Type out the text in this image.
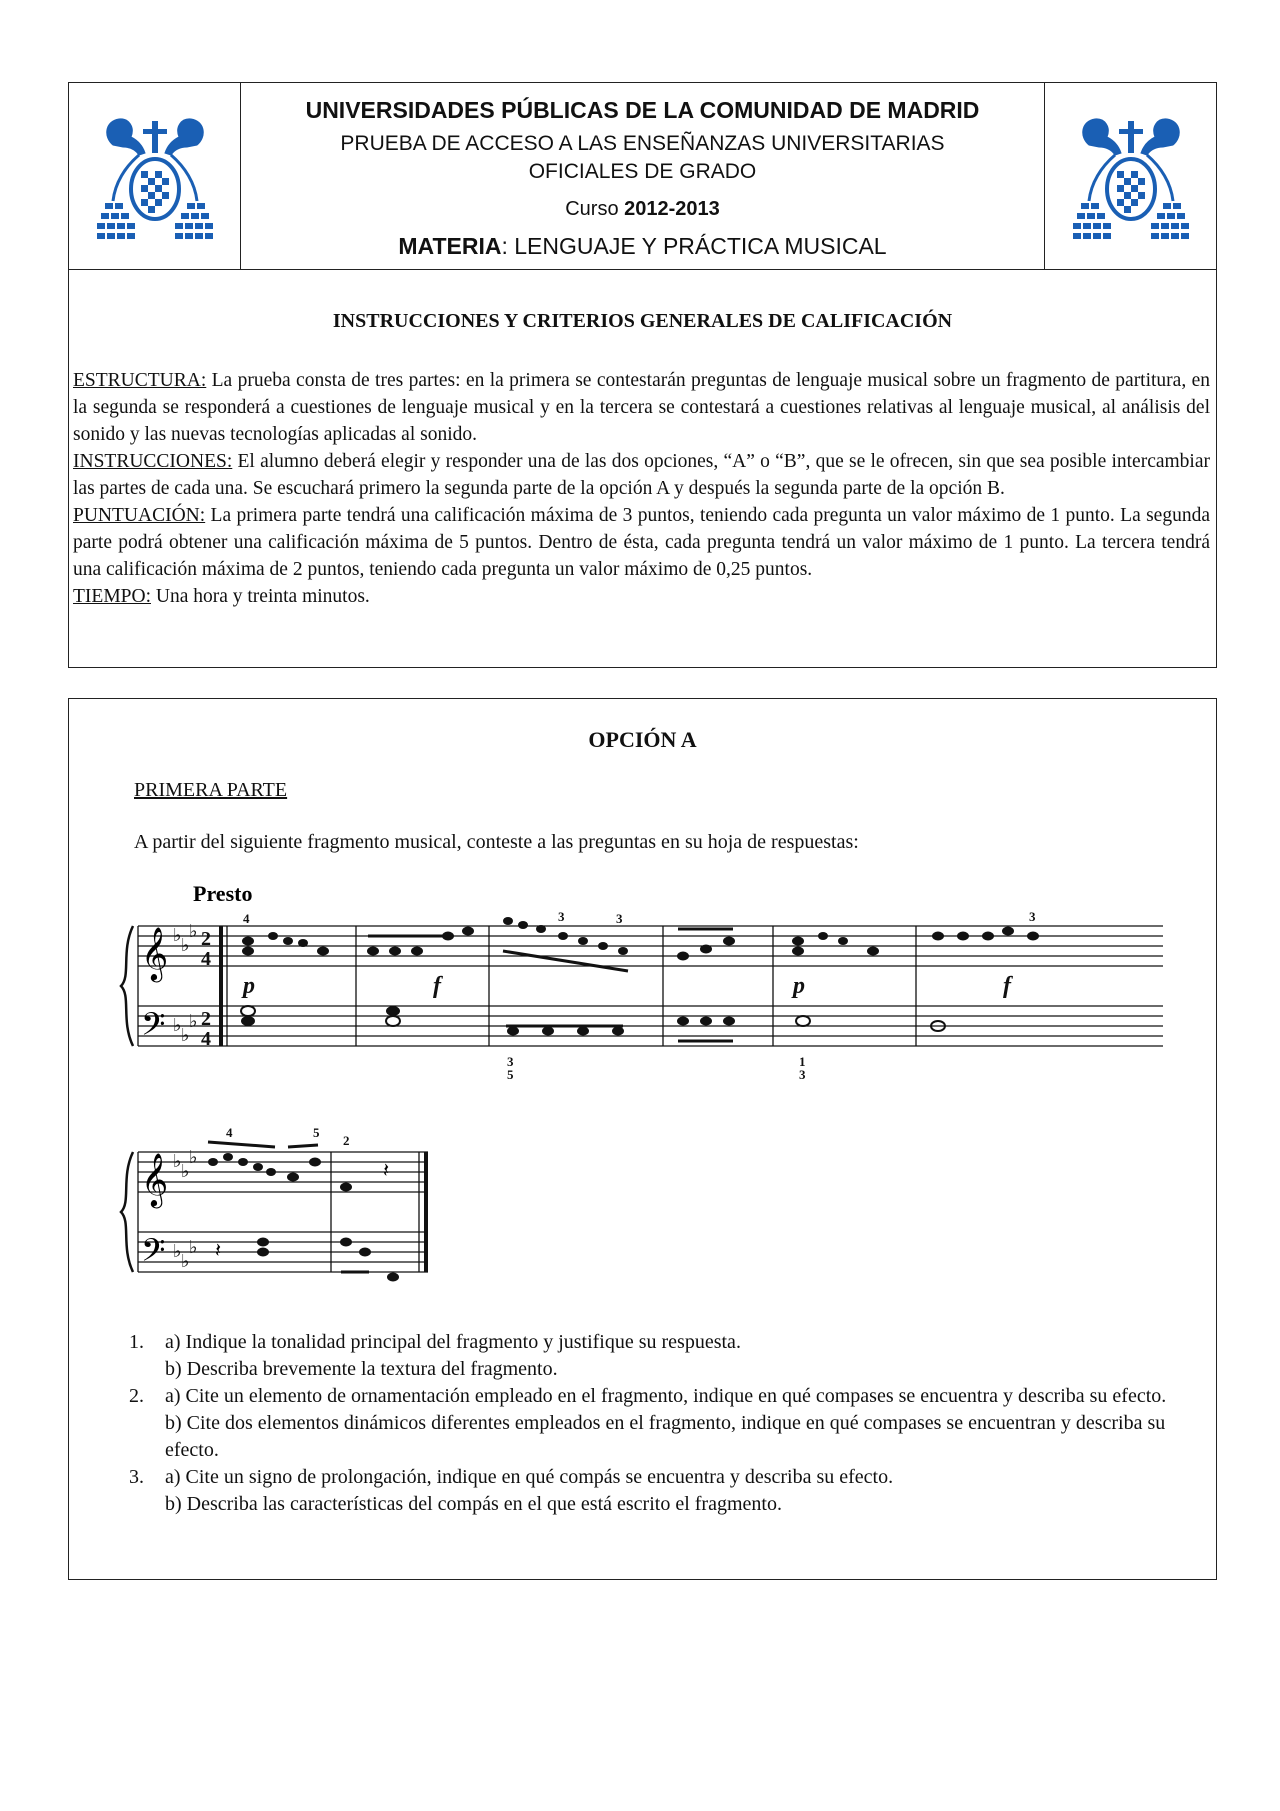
UNIVERSIDADES PÚBLICAS DE LA COMUNIDAD DE MADRID
PRUEBA DE ACCESO A LAS ENSEÑANZAS UNIVERSITARIAS
OFICIALES DE GRADO
Curso 2012-2013
MATERIA: LENGUAJE Y PRÁCTICA MUSICAL
INSTRUCCIONES Y CRITERIOS GENERALES DE CALIFICACIÓN

ESTRUCTURA: La prueba consta de tres partes: en la primera se contestarán preguntas de lenguaje musical sobre un fragmento de partitura, en la segunda se responderá a cuestiones de lenguaje musical y en la tercera se contestará a cuestiones relativas al lenguaje musical, al análisis del sonido y las nuevas tecnologías aplicadas al sonido.

INSTRUCCIONES: El alumno deberá elegir y responder una de las dos opciones, “A” o “B”, que se le ofrecen, sin que sea posible intercambiar las partes de cada una. Se escuchará primero la segunda parte de la opción A y después la segunda parte de la opción B.

PUNTUACIÓN: La primera parte tendrá una calificación máxima de 3 puntos, teniendo cada pregunta un valor máximo de 1 punto. La segunda parte podrá obtener una calificación máxima de 5 puntos. Dentro de ésta, cada pregunta tendrá un valor máximo de 1 punto. La tercera tendrá una calificación máxima de 2 puntos, teniendo cada pregunta un valor máximo de 0,25 puntos.

TIEMPO: Una hora y treinta minutos.

OPCIÓN A
PRIMERA PARTE
A partir del siguiente fragmento musical, conteste a las preguntas en su hoja de respuestas:
Presto
𝄞
𝄢
♭ ♭
♭
♭ ♭
♭
2
4
2
4
p	f	p	f
4	3	3
3
3
5
1
3
𝄞
𝄢
♭ ♭
♭
♭ ♭
♭
4	5
2
𝄽
𝄽
1.	a) Indique la tonalidad principal del fragmento y justifique su respuesta.
b) Describa brevemente la textura del fragmento.
2.	a) Cite un elemento de ornamentación empleado en el fragmento, indique en qué compases se encuentra y describa su efecto.
b) Cite dos elementos dinámicos diferentes empleados en el fragmento, indique en qué compases se encuentran y describa su efecto.
3.	a) Cite un signo de prolongación, indique en qué compás se encuentra y describa su efecto.
b) Describa las características del compás en el que está escrito el fragmento.
